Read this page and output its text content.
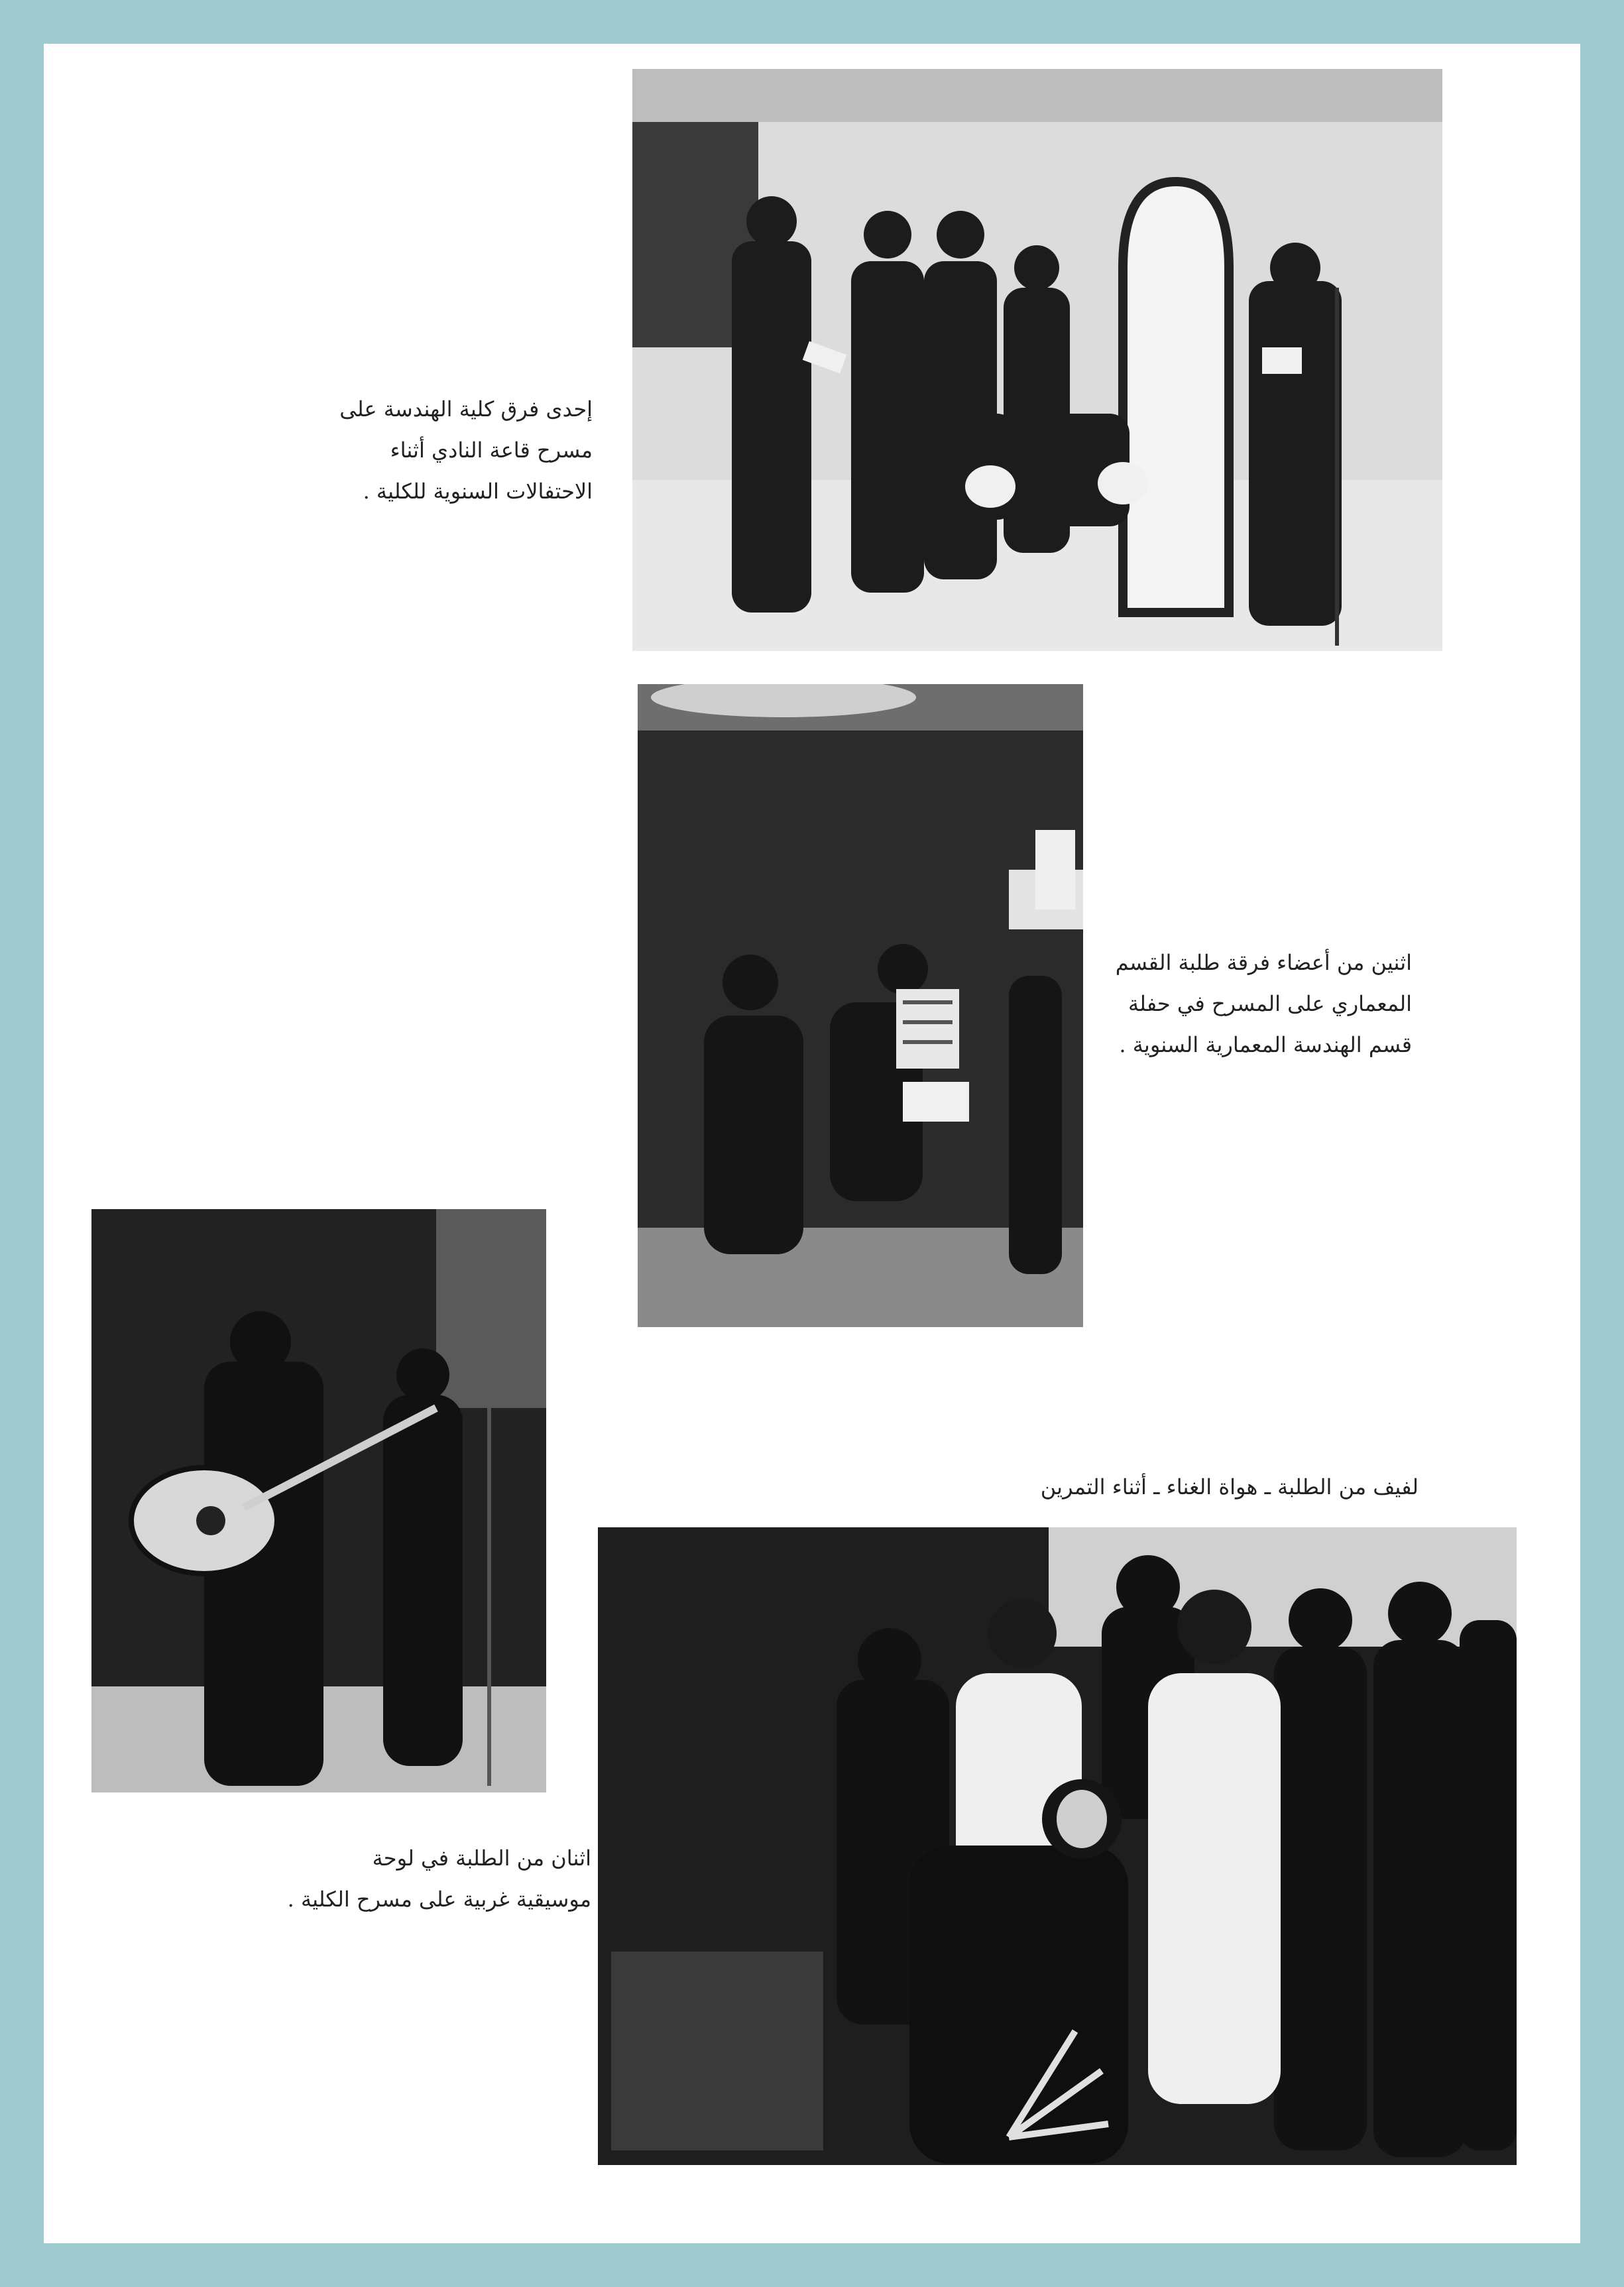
إحدى فرق كلية الهندسة على
مسرح قاعة النادي أثناء
الاحتفالات السنوية للكلية .
اثنين من أعضاء فرقة طلبة القسم
المعماري على المسرح في حفلة
قسم الهندسة المعمارية السنوية .
اثنان من الطلبة في لوحة
موسيقية غربية على مسرح الكلية .
لفيف من الطلبة ـ هواة الغناء ـ أثناء التمرين
